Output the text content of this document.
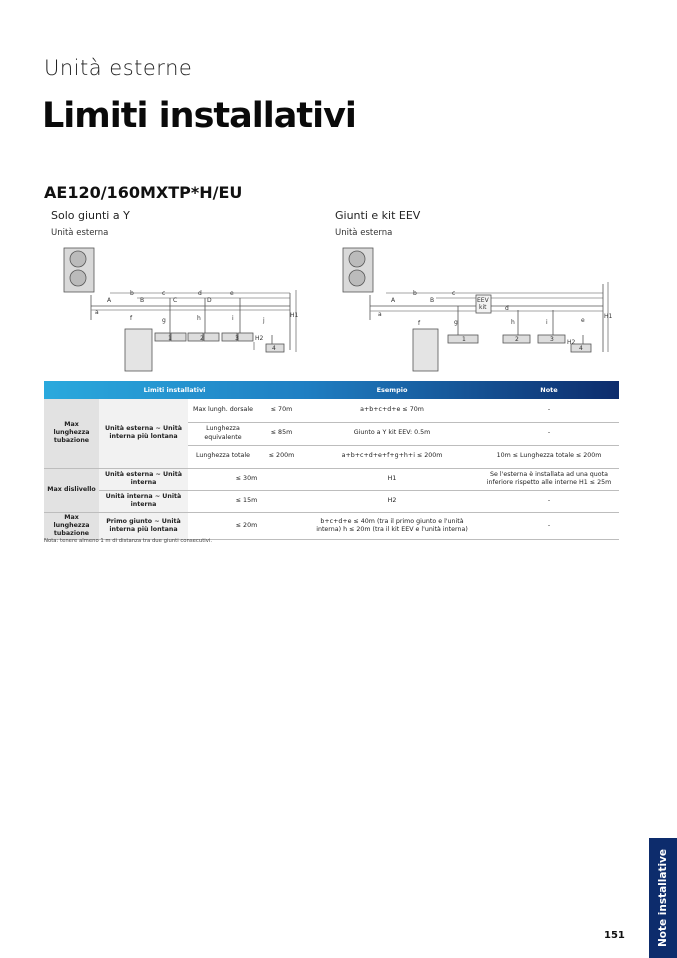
Unità esterne
Limiti installativi
AE120/160MXTP*H/EU
Solo giunti a Y
Unità esterna
A	B	C	D
a
b	c	d	e
f	g	h	i	j
H1
H2
1	2	3
4
Giunti e kit EEV
Unità esterna
A	B
a
b	c
d
e
f	g	h	i
EEV
kit
H1
H2
1	2	3
4
Limiti installativi				Esempio	Note
Max lunghezza tubazione	Unità esterna ~ Unità interna più lontana	Max lungh. dorsale	≤ 70m	a+b+c+d+e ≤ 70m	-
		Lunghezza equivalente	≤ 85m	Giunto a Y kit EEV: 0.5m	-
		Lunghezza totale	≤ 200m	a+b+c+d+e+f+g+h+i ≤ 200m	10m ≤ Lunghezza totale ≤ 200m
Max dislivello	Unità esterna ~ Unità interna	≤ 30m		H1	Se l'esterna è installata ad una quota inferiore rispetto alle interne H1 ≤ 25m
	Unità interna ~ Unità interna	≤ 15m		H2	-
Max lunghezza tubazione	Primo giunto ~ Unità interna più lontana	≤ 20m		b+c+d+e ≤ 40m (tra il primo giunto e l'unità interna) h ≤ 20m (tra il kit EEV e l'unità interna)	-
Nota: tenere almeno 1 m di distanza tra due giunti consecutivi.
151	Note installative
